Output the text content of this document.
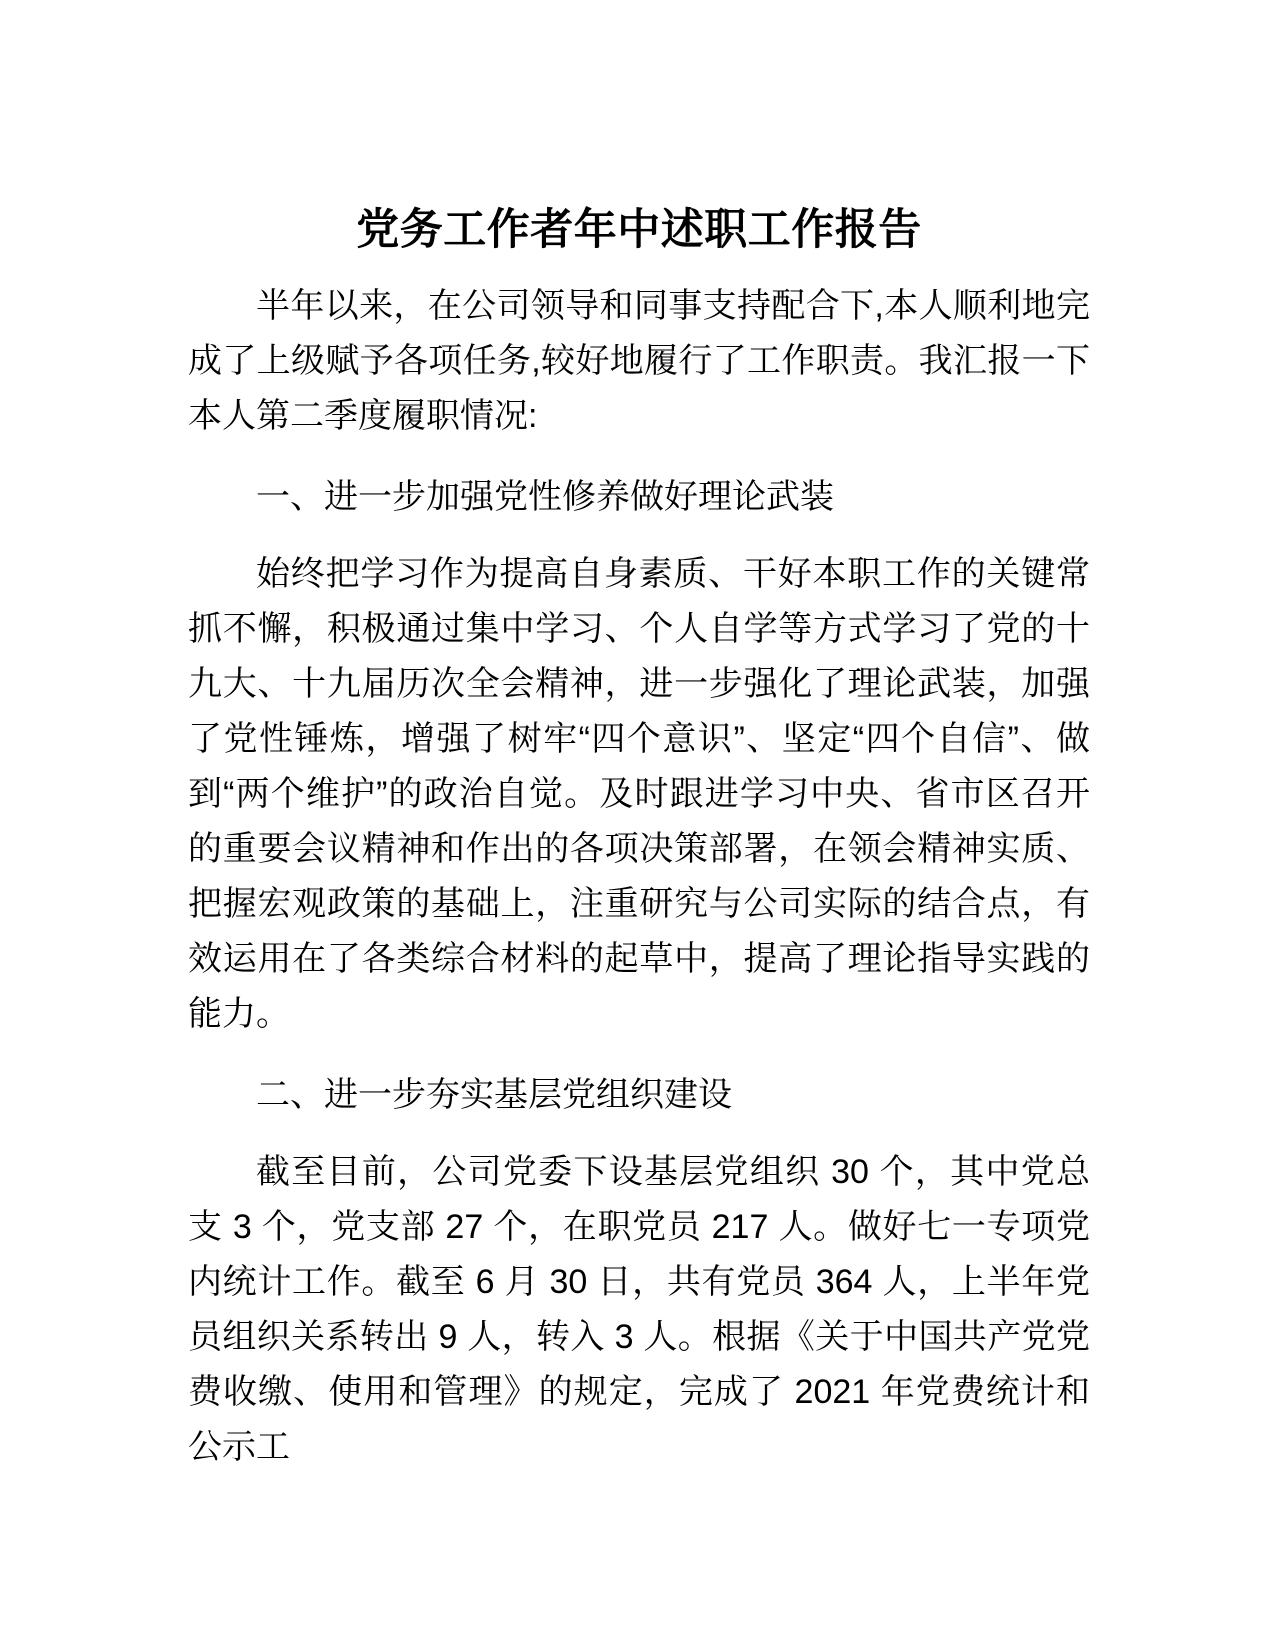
党务工作者年中述职工作报告

半年以来，在公司领导和同事支持配合下,本人顺利地完成了上级赋予各项任务,较好地履行了工作职责。我汇报一下本人第二季度履职情况:

一、进一步加强党性修养做好理论武装

始终把学习作为提高自身素质、干好本职工作的关键常抓不懈，积极通过集中学习、个人自学等方式学习了党的十九大、十九届历次全会精神，进一步强化了理论武装，加强了党性锤炼，增强了树牢“四个意识”、坚定“四个自信”、做到“两个维护”的政治自觉。及时跟进学习中央、省市区召开的重要会议精神和作出的各项决策部署，在领会精神实质、把握宏观政策的基础上，注重研究与公司实际的结合点，有效运用在了各类综合材料的起草中，提高了理论指导实践的能力。

二、进一步夯实基层党组织建设

截至目前，公司党委下设基层党组织 30 个，其中党总支 3 个，党支部 27 个，在职党员 217 人。做好七一专项党内统计工作。截至 6 月 30 日，共有党员 364 人，上半年党员组织关系转出 9 人，转入 3 人。根据《关于中国共产党党费收缴、使用和管理》的规定，完成了 2021 年党费统计和公示工
